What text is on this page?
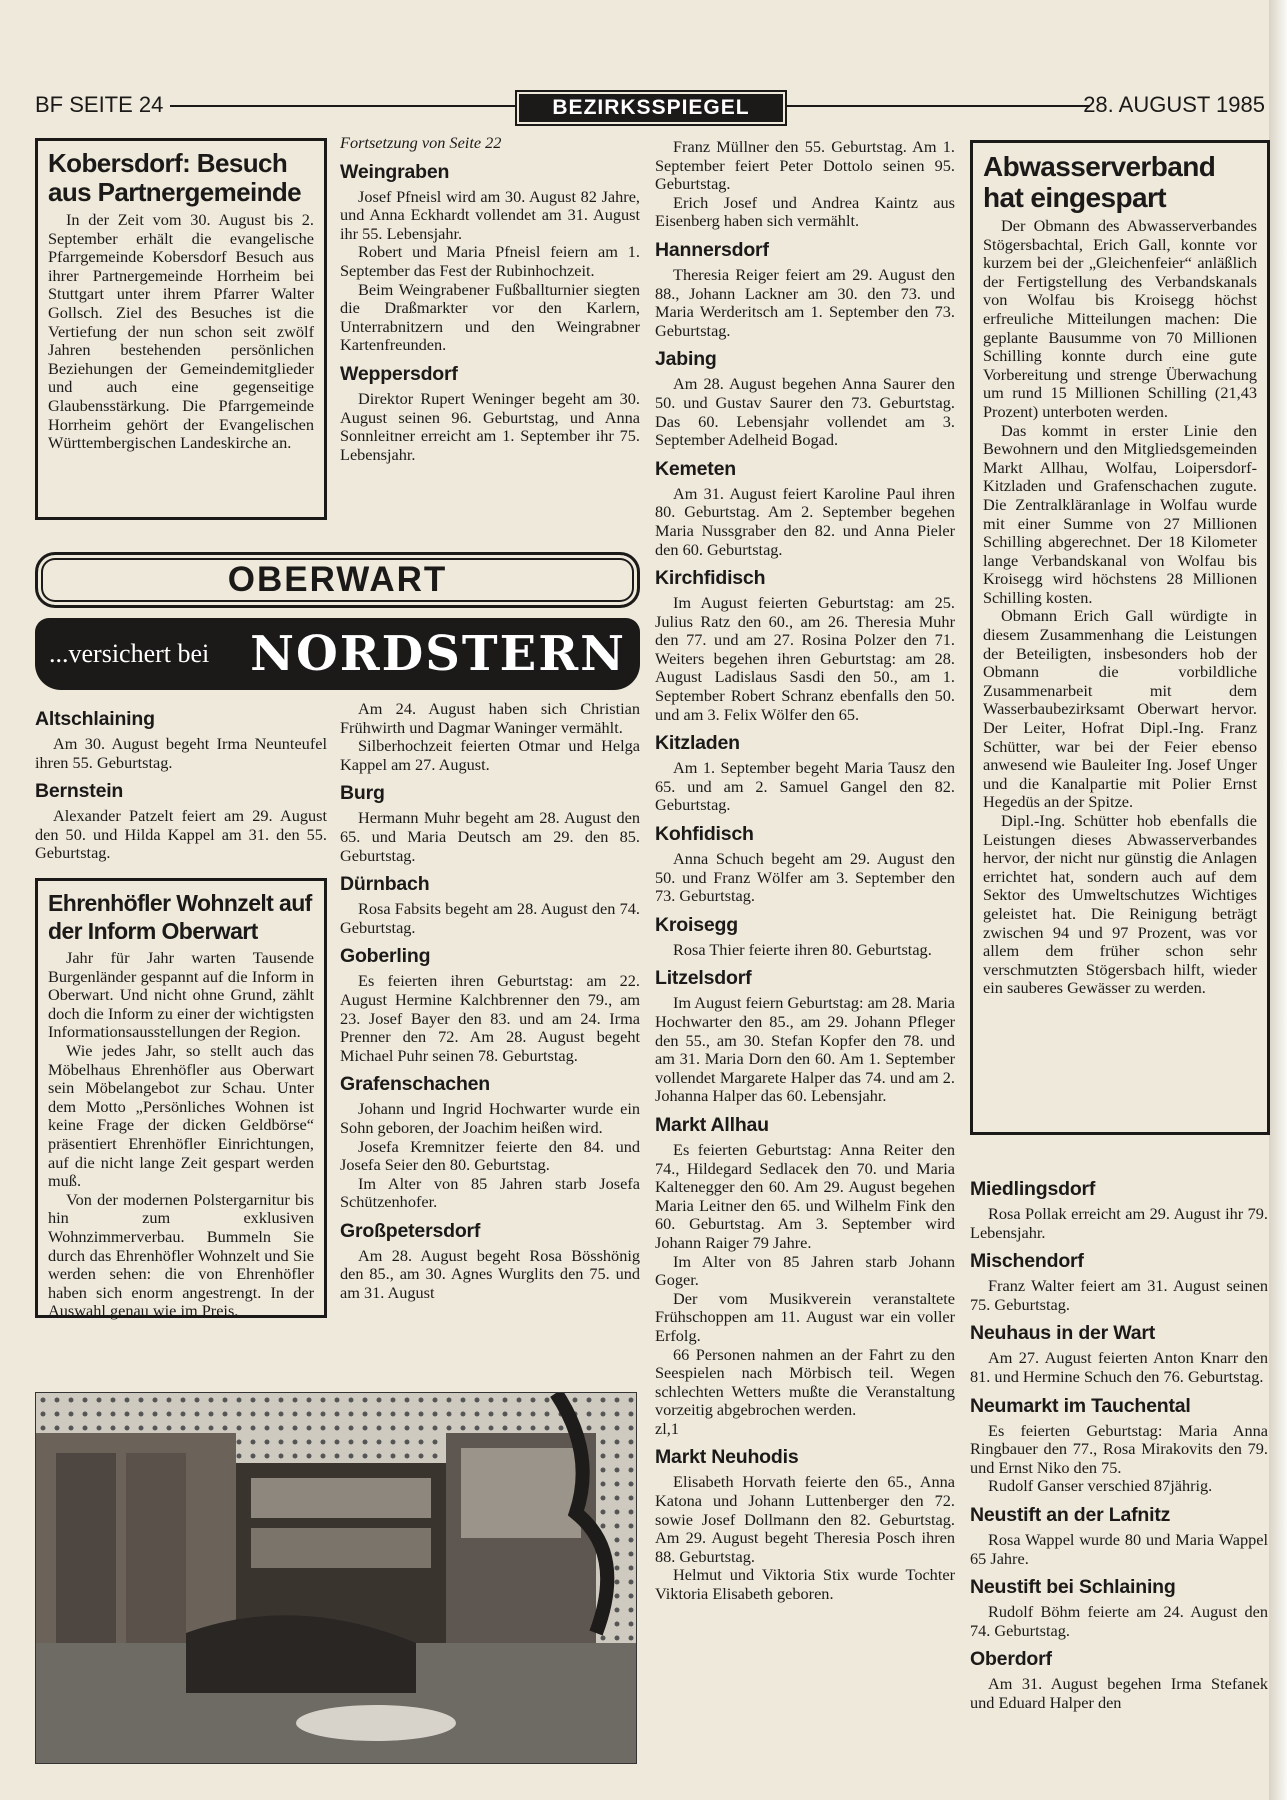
BF SEITE 24	BEZIRKSSPIEGEL	28. AUGUST 1985
Kobersdorf: Besuch aus Partnergemeinde

In der Zeit vom 30. August bis 2. September erhält die evangelische Pfarrgemeinde Kobersdorf Besuch aus ihrer Partnergemeinde Horrheim bei Stuttgart unter ihrem Pfarrer Walter Gollsch. Ziel des Besuches ist die Vertiefung der nun schon seit zwölf Jahren bestehenden persönlichen Beziehungen der Gemeindemitglieder und auch eine gegenseitige Glaubensstärkung. Die Pfarrgemeinde Horrheim gehört der Evangelischen Württembergischen Landeskirche an.

Fortsetzung von Seite 22

Weingraben

Josef Pfneisl wird am 30. August 82 Jahre, und Anna Eckhardt vollendet am 31. August ihr 55. Lebensjahr.

Robert und Maria Pfneisl feiern am 1. September das Fest der Rubinhochzeit.

Beim Weingrabener Fußballturnier siegten die Draßmarkter vor den Karlern, Unterrabnitzern und den Weingrabner Kartenfreunden.

Weppersdorf

Direktor Rupert Weninger begeht am 30. August seinen 96. Geburtstag, und Anna Sonnleitner erreicht am 1. September ihr 75. Lebensjahr.

Franz Müllner den 55. Geburtstag. Am 1. September feiert Peter Dottolo seinen 95. Geburtstag.

Erich Josef und Andrea Kaintz aus Eisenberg haben sich vermählt.

Hannersdorf

Theresia Reiger feiert am 29. August den 88., Johann Lackner am 30. den 73. und Maria Werderitsch am 1. September den 73. Geburtstag.

Jabing

Am 28. August begehen Anna Saurer den 50. und Gustav Saurer den 73. Geburtstag. Das 60. Lebensjahr vollendet am 3. September Adelheid Bogad.

Kemeten

Am 31. August feiert Karoline Paul ihren 80. Geburtstag. Am 2. September begehen Maria Nussgraber den 82. und Anna Pieler den 60. Geburtstag.

Kirchfidisch

Im August feierten Geburtstag: am 25. Julius Ratz den 60., am 26. Theresia Muhr den 77. und am 27. Rosina Polzer den 71. Weiters begehen ihren Geburtstag: am 28. August Ladislaus Sasdi den 50., am 1. September Robert Schranz ebenfalls den 50. und am 3. Felix Wölfer den 65.

Kitzladen

Am 1. September begeht Maria Tausz den 65. und am 2. Samuel Gangel den 82. Geburtstag.

Kohfidisch

Anna Schuch begeht am 29. August den 50. und Franz Wölfer am 3. September den 73. Geburtstag.

Kroisegg

Rosa Thier feierte ihren 80. Geburtstag.

Litzelsdorf

Im August feiern Geburtstag: am 28. Maria Hochwarter den 85., am 29. Johann Pfleger den 55., am 30. Stefan Kopfer den 78. und am 31. Maria Dorn den 60. Am 1. September vollendet Margarete Halper das 74. und am 2. Johanna Halper das 60. Lebensjahr.

Markt Allhau

Es feierten Geburtstag: Anna Reiter den 74., Hildegard Sedlacek den 70. und Maria Kaltenegger den 60. Am 29. August begehen Maria Leitner den 65. und Wilhelm Fink den 60. Geburtstag. Am 3. September wird Johann Raiger 79 Jahre.

Im Alter von 85 Jahren starb Johann Goger.

Der vom Musikverein veranstaltete Frühschoppen am 11. August war ein voller Erfolg.

66 Personen nahmen an der Fahrt zu den Seespielen nach Mörbisch teil. Wegen schlechten Wetters mußte die Veranstaltung vorzeitig abgebrochen werden.

zl,1

Markt Neuhodis

Elisabeth Horvath feierte den 65., Anna Katona und Johann Luttenberger den 72. sowie Josef Dollmann den 82. Geburtstag. Am 29. August begeht Theresia Posch ihren 88. Geburtstag.

Helmut und Viktoria Stix wurde Tochter Viktoria Elisabeth geboren.

Abwasserverband hat eingespart

Der Obmann des Abwasserverbandes Stögersbachtal, Erich Gall, konnte vor kurzem bei der „Gleichenfeier“ anläßlich der Fertigstellung des Verbandskanals von Wolfau bis Kroisegg höchst erfreuliche Mitteilungen machen: Die geplante Bausumme von 70 Millionen Schilling konnte durch eine gute Vorbereitung und strenge Überwachung um rund 15 Millionen Schilling (21,43 Prozent) unterboten werden.

Das kommt in erster Linie den Bewohnern und den Mitgliedsgemeinden Markt Allhau, Wolfau, Loipersdorf-Kitzladen und Grafenschachen zugute. Die Zentralkläranlage in Wolfau wurde mit einer Summe von 27 Millionen Schilling abgerechnet. Der 18 Kilometer lange Verbandskanal von Wolfau bis Kroisegg wird höchstens 28 Millionen Schilling kosten.

Obmann Erich Gall würdigte in diesem Zusammenhang die Leistungen der Beteiligten, insbesonders hob der Obmann die vorbildliche Zusammenarbeit mit dem Wasserbaubezirksamt Oberwart hervor. Der Leiter, Hofrat Dipl.-Ing. Franz Schütter, war bei der Feier ebenso anwesend wie Bauleiter Ing. Josef Unger und die Kanalpartie mit Polier Ernst Hegedüs an der Spitze.

Dipl.-Ing. Schütter hob ebenfalls die Leistungen dieses Abwasserverbandes hervor, der nicht nur günstig die Anlagen errichtet hat, sondern auch auf dem Sektor des Umweltschutzes Wichtiges geleistet hat. Die Reinigung beträgt zwischen 94 und 97 Prozent, was vor allem dem früher schon sehr verschmutzten Stögersbach hilft, wieder ein sauberes Gewässer zu werden.

Miedlingsdorf

Rosa Pollak erreicht am 29. August ihr 79. Lebensjahr.

Mischendorf

Franz Walter feiert am 31. August seinen 75. Geburtstag.

Neuhaus in der Wart

Am 27. August feierten Anton Knarr den 81. und Hermine Schuch den 76. Geburtstag.

Neumarkt im Tauchental

Es feierten Geburtstag: Maria Anna Ringbauer den 77., Rosa Mirakovits den 79. und Ernst Niko den 75.

Rudolf Ganser verschied 87jährig.

Neustift an der Lafnitz

Rosa Wappel wurde 80 und Maria Wappel 65 Jahre.

Neustift bei Schlaining

Rudolf Böhm feierte am 24. August den 74. Geburtstag.

Oberdorf

Am 31. August begehen Irma Stefanek und Eduard Halper den

OBERWART
...versichert bei NORDSTERN
Altschlaining

Am 30. August begeht Irma Neunteufel ihren 55. Geburtstag.

Bernstein

Alexander Patzelt feiert am 29. August den 50. und Hilda Kappel am 31. den 55. Geburtstag.

Ehrenhöfler Wohnzelt auf der Inform Oberwart

Jahr für Jahr warten Tausende Burgenländer gespannt auf die Inform in Oberwart. Und nicht ohne Grund, zählt doch die Inform zu einer der wichtigsten Informationsausstellungen der Region.

Wie jedes Jahr, so stellt auch das Möbelhaus Ehrenhöfler aus Oberwart sein Möbelangebot zur Schau. Unter dem Motto „Persönliches Wohnen ist keine Frage der dicken Geldbörse“ präsentiert Ehrenhöfler Einrichtungen, auf die nicht lange Zeit gespart werden muß.

Von der modernen Polstergarnitur bis hin zum exklusiven Wohnzimmerverbau. Bummeln Sie durch das Ehrenhöfler Wohnzelt und Sie werden sehen: die von Ehrenhöfler haben sich enorm angestrengt. In der Auswahl genau wie im Preis.

Am 24. August haben sich Christian Frühwirth und Dagmar Waninger vermählt.

Silberhochzeit feierten Otmar und Helga Kappel am 27. August.

Burg

Hermann Muhr begeht am 28. August den 65. und Maria Deutsch am 29. den 85. Geburtstag.

Dürnbach

Rosa Fabsits begeht am 28. August den 74. Geburtstag.

Goberling

Es feierten ihren Geburtstag: am 22. August Hermine Kalchbrenner den 79., am 23. Josef Bayer den 83. und am 24. Irma Prenner den 72. Am 28. August begeht Michael Puhr seinen 78. Geburtstag.

Grafenschachen

Johann und Ingrid Hochwarter wurde ein Sohn geboren, der Joachim heißen wird.

Josefa Kremnitzer feierte den 84. und Josefa Seier den 80. Geburtstag.

Im Alter von 85 Jahren starb Josefa Schützenhofer.

Großpetersdorf

Am 28. August begeht Rosa Bösshönig den 85., am 30. Agnes Wurglits den 75. und am 31. August
